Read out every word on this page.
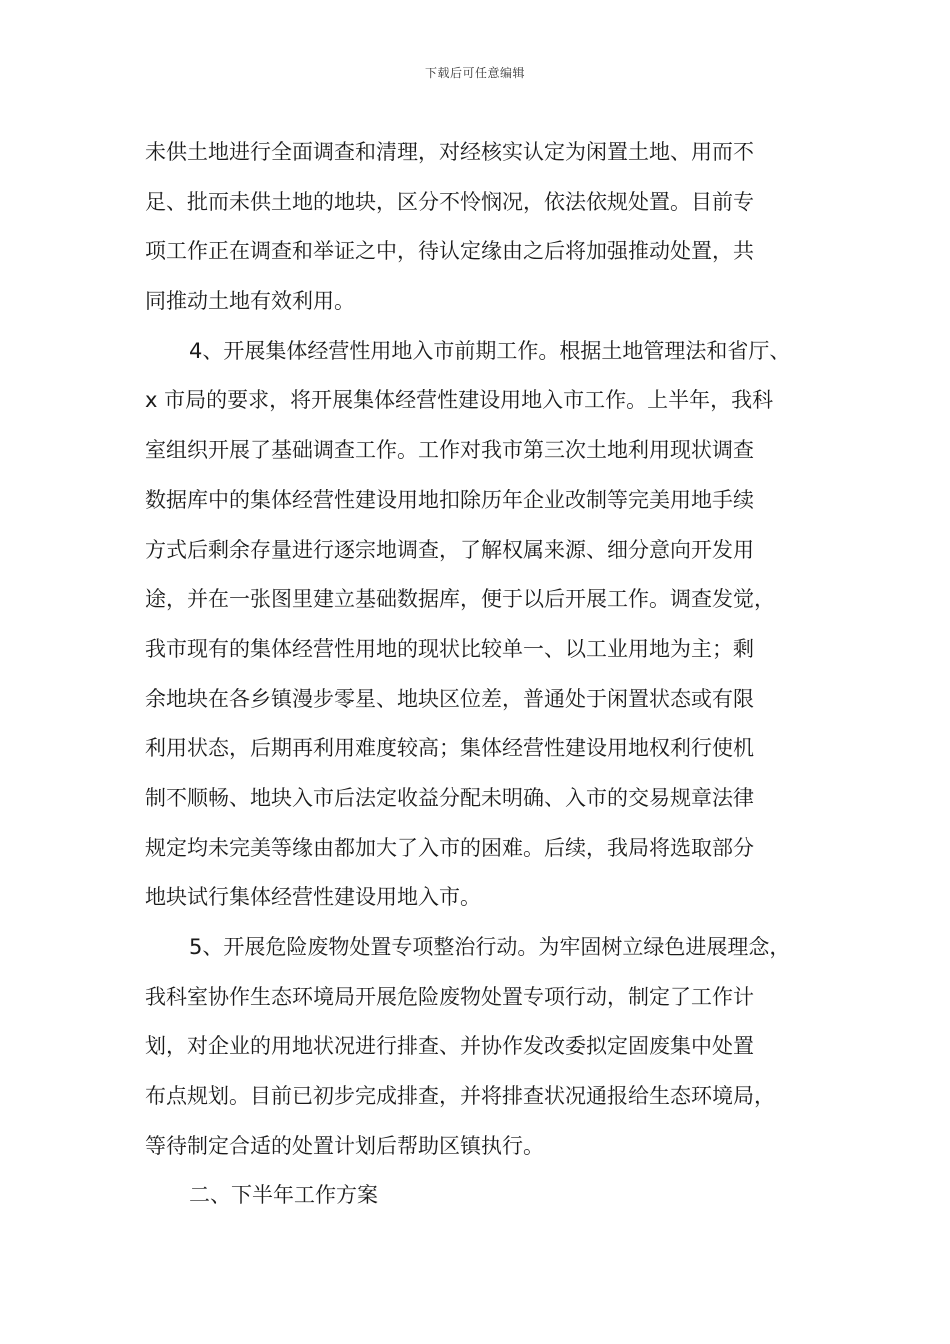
下载后可任意编辑
未供土地进行全面调查和清理，对经核实认定为闲置土地、用而不
足、批而未供土地的地块，区分不怜悯况，依法依规处置。目前专
项工作正在调查和举证之中，待认定缘由之后将加强推动处置，共
同推动土地有效利用。
4、开展集体经营性用地入市前期工作。根据土地管理法和省厅、
x 市局的要求，将开展集体经营性建设用地入市工作。上半年，我科
室组织开展了基础调查工作。工作对我市第三次土地利用现状调查
数据库中的集体经营性建设用地扣除历年企业改制等完美用地手续
方式后剩余存量进行逐宗地调查，了解权属来源、细分意向开发用
途，并在一张图里建立基础数据库，便于以后开展工作。调查发觉，
我市现有的集体经营性用地的现状比较单一、以工业用地为主；剩
余地块在各乡镇漫步零星、地块区位差，普通处于闲置状态或有限
利用状态，后期再利用难度较高；集体经营性建设用地权利行使机
制不顺畅、地块入市后法定收益分配未明确、入市的交易规章法律
规定均未完美等缘由都加大了入市的困难。后续，我局将选取部分
地块试行集体经营性建设用地入市。
5、开展危险废物处置专项整治行动。为牢固树立绿色进展理念，
我科室协作生态环境局开展危险废物处置专项行动，制定了工作计
划，对企业的用地状况进行排查、并协作发改委拟定固废集中处置
布点规划。目前已初步完成排查，并将排查状况通报给生态环境局，
等待制定合适的处置计划后帮助区镇执行。
二、下半年工作方案
